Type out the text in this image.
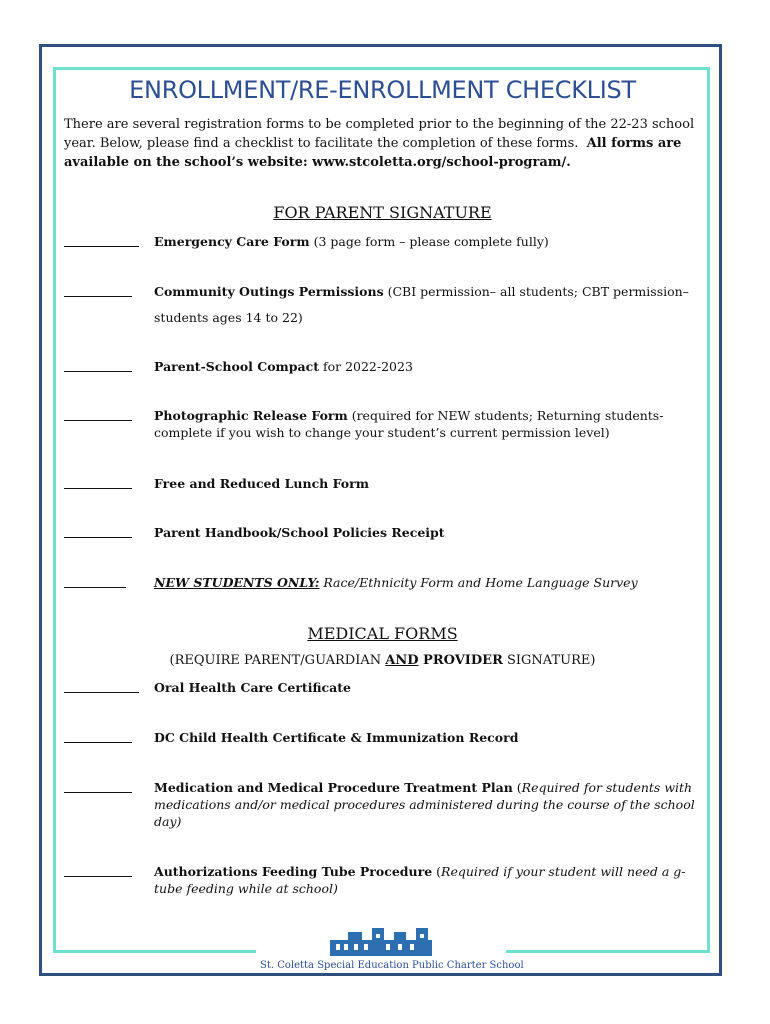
ENROLLMENT/RE-ENROLLMENT CHECKLIST
There are several registration forms to be completed prior to the beginning of the 22-23 school year. Below, please find a checklist to facilitate the completion of these forms. All forms are available on the school’s website: www.stcoletta.org/school-program/.
FOR PARENT SIGNATURE
Emergency Care Form (3 page form – please complete fully)
Community Outings Permissions (CBI permission– all students; CBT permission– students ages 14 to 22)
Parent-School Compact for 2022-2023
Photographic Release Form (required for NEW students; Returning students- complete if you wish to change your student’s current permission level)
Free and Reduced Lunch Form
Parent Handbook/School Policies Receipt
NEW STUDENTS ONLY: Race/Ethnicity Form and Home Language Survey
MEDICAL FORMS
(REQUIRE PARENT/GUARDIAN AND PROVIDER SIGNATURE)
Oral Health Care Certificate
DC Child Health Certificate & Immunization Record
Medication and Medical Procedure Treatment Plan (Required for students with medications and/or medical procedures administered during the course of the school day)
Authorizations Feeding Tube Procedure (Required if your student will need a g-tube feeding while at school)
St. Coletta Special Education Public Charter School
